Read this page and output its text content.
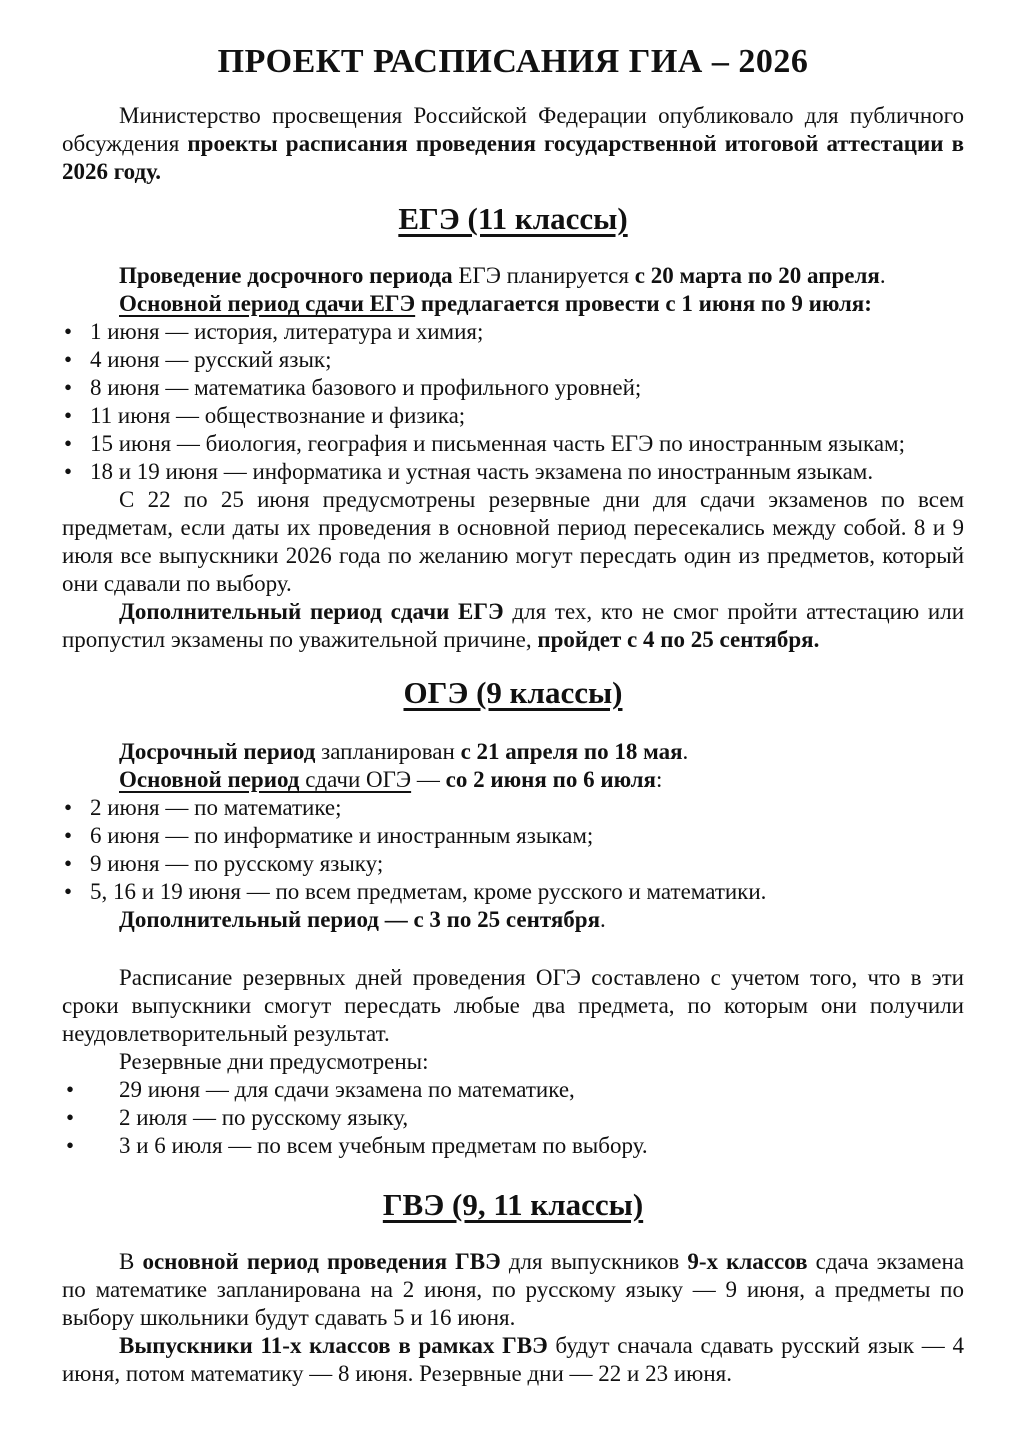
ПРОЕКТ РАСПИСАНИЯ ГИА – 2026

Министерство просвещения Российской Федерации опубликовало для публичного обсуждения проекты расписания проведения государственной итоговой аттестации в 2026 году.

ЕГЭ (11 классы)

Проведение досрочного периода ЕГЭ планируется с 20 марта по 20 апреля.

Основной период сдачи ЕГЭ предлагается провести с 1 июня по 9 июля:

• 1 июня — история, литература и химия;
• 4 июня — русский язык;
• 8 июня — математика базового и профильного уровней;
• 11 июня — обществознание и физика;
• 15 июня — биология, география и письменная часть ЕГЭ по иностранным языкам;
• 18 и 19 июня — информатика и устная часть экзамена по иностранным языкам.

С 22 по 25 июня предусмотрены резервные дни для сдачи экзаменов по всем предметам, если даты их проведения в основной период пересекались между собой. 8 и 9 июля все выпускники 2026 года по желанию могут пересдать один из предметов, который они сдавали по выбору.

Дополнительный период сдачи ЕГЭ для тех, кто не смог пройти аттестацию или пропустил экзамены по уважительной причине, пройдет с 4 по 25 сентября.

ОГЭ (9 классы)

Досрочный период запланирован с 21 апреля по 18 мая.

Основной период сдачи ОГЭ — со 2 июня по 6 июля:

• 2 июня — по математике;
• 6 июня — по информатике и иностранным языкам;
• 9 июня — по русскому языку;
• 5, 16 и 19 июня — по всем предметам, кроме русского и математики.

Дополнительный период — с 3 по 25 сентября.

Расписание резервных дней проведения ОГЭ составлено с учетом того, что в эти сроки выпускники смогут пересдать любые два предмета, по которым они получили неудовлетворительный результат.

Резервные дни предусмотрены:

• 29 июня — для сдачи экзамена по математике,
• 2 июля — по русскому языку,
• 3 и 6 июля — по всем учебным предметам по выбору.
ГВЭ (9, 11 классы)

В основной период проведения ГВЭ для выпускников 9-х классов сдача экзамена по математике запланирована на 2 июня, по русскому языку — 9 июня, а предметы по выбору школьники будут сдавать 5 и 16 июня.

Выпускники 11-х классов в рамках ГВЭ будут сначала сдавать русский язык — 4 июня, потом математику — 8 июня. Резервные дни — 22 и 23 июня.
